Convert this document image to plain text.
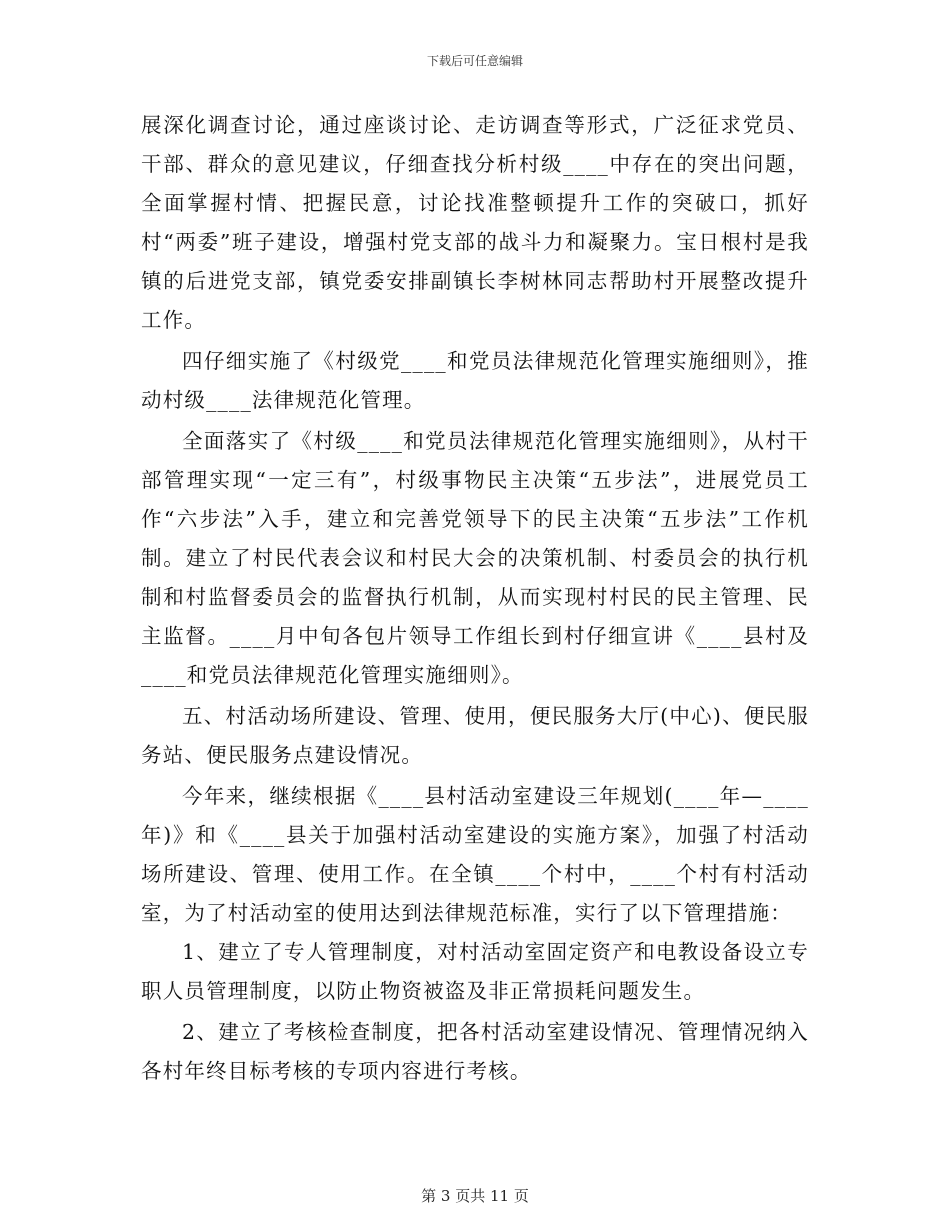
下载后可任意编辑

展深化调查讨论，通过座谈讨论、走访调查等形式，广泛征求党员、干部、群众的意见建议，仔细查找分析村级____中存在的突出问题，全面掌握村情、把握民意，讨论找准整顿提升工作的突破口，抓好村“两委”班子建设，增强村党支部的战斗力和凝聚力。宝日根村是我镇的后进党支部，镇党委安排副镇长李树林同志帮助村开展整改提升工作。

四仔细实施了《村级党____和党员法律规范化管理实施细则》，推动村级____法律规范化管理。

全面落实了《村级____和党员法律规范化管理实施细则》，从村干部管理实现“一定三有”，村级事物民主决策“五步法”，进展党员工作“六步法”入手，建立和完善党领导下的民主决策“五步法”工作机制。建立了村民代表会议和村民大会的决策机制、村委员会的执行机制和村监督委员会的监督执行机制，从而实现村村民的民主管理、民主监督。____月中旬各包片领导工作组长到村仔细宣讲《____县村及____和党员法律规范化管理实施细则》。

五、村活动场所建设、管理、使用，便民服务大厅(中心)、便民服务站、便民服务点建设情况。

今年来，继续根据《____县村活动室建设三年规划(____年—____年)》和《____县关于加强村活动室建设的实施方案》，加强了村活动场所建设、管理、使用工作。在全镇____个村中，____个村有村活动室，为了村活动室的使用达到法律规范标准，实行了以下管理措施：

1、建立了专人管理制度，对村活动室固定资产和电教设备设立专职人员管理制度，以防止物资被盗及非正常损耗问题发生。

2、建立了考核检查制度，把各村活动室建设情况、管理情况纳入各村年终目标考核的专项内容进行考核。

第 3 页共 11 页
